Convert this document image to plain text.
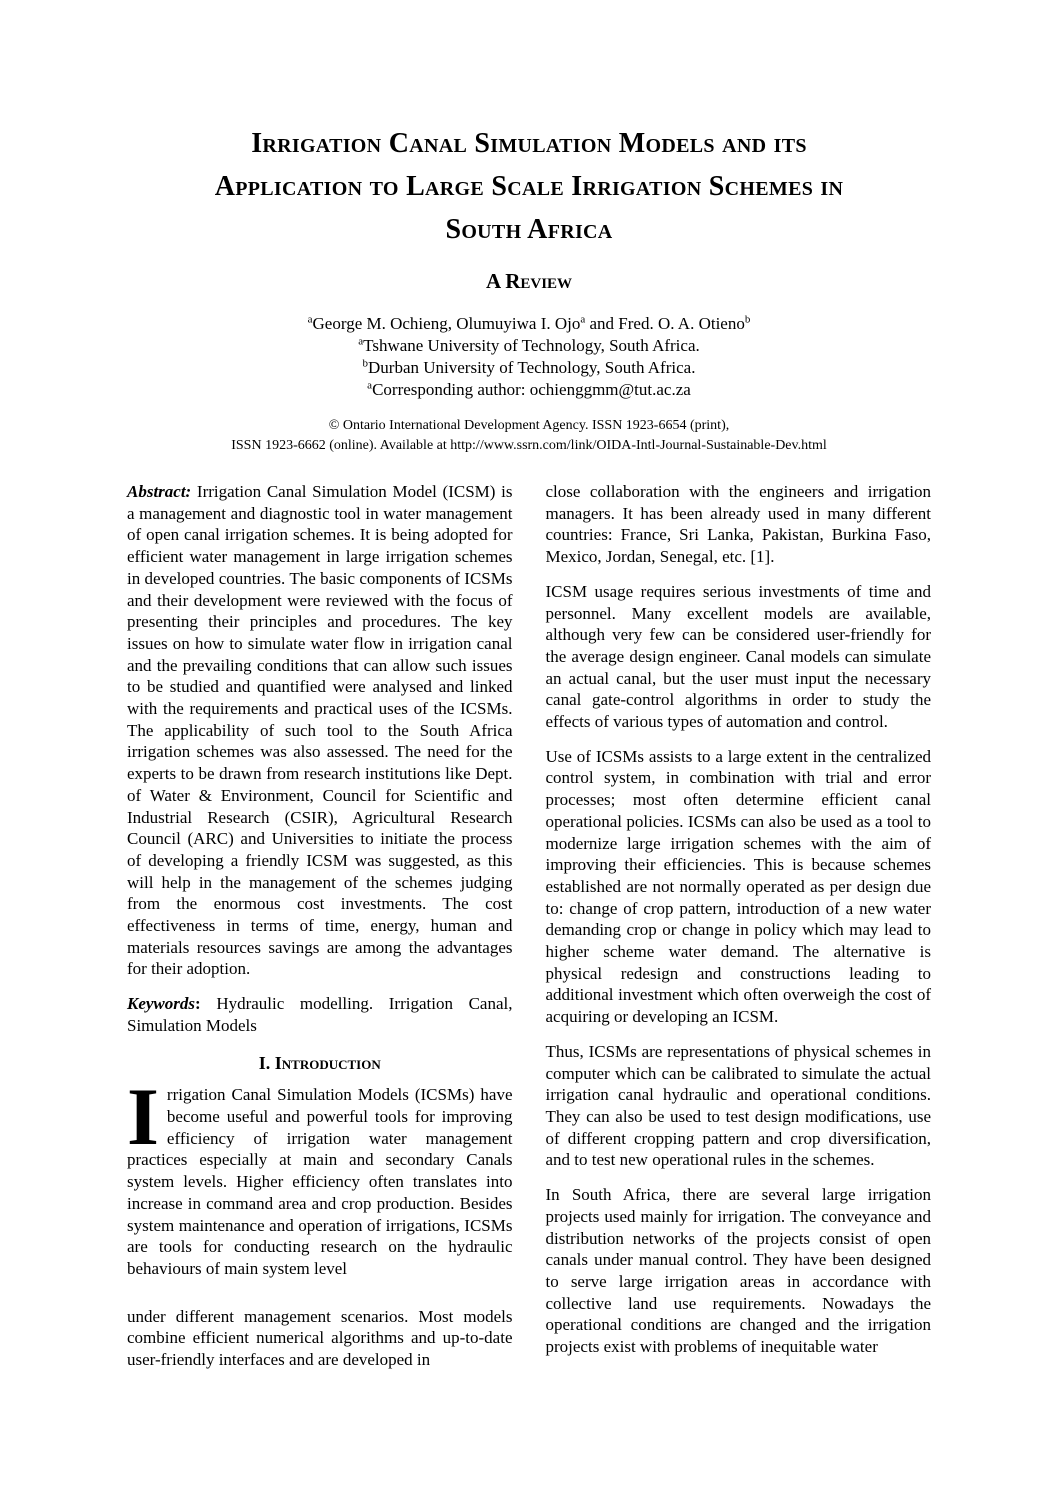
Irrigation Canal Simulation Models and its
Application to Large Scale Irrigation Schemes in
South Africa
A Review
$^a$George M. Ochieng, Olumuyiwa I. Ojo$^a$ and Fred. O. A. Otieno$^b$
$^a$Tshwane University of Technology, South Africa.
$^b$Durban University of Technology, South Africa.
$^a$Corresponding author: ochienggmm@tut.ac.za
© Ontario International Development Agency. ISSN 1923-6654 (print),
ISSN 1923-6662 (online). Available at http://www.ssrn.com/link/OIDA-Intl-Journal-Sustainable-Dev.html

Abstract: Irrigation Canal Simulation Model (ICSM) is a management and diagnostic tool in water management of open canal irrigation schemes. It is being adopted for efficient water management in large irrigation schemes in developed countries. The basic components of ICSMs and their development were reviewed with the focus of presenting their principles and procedures. The key issues on how to simulate water flow in irrigation canal and the prevailing conditions that can allow such issues to be studied and quantified were analysed and linked with the requirements and practical uses of the ICSMs. The applicability of such tool to the South Africa irrigation schemes was also assessed. The need for the experts to be drawn from research institutions like Dept. of Water & Environment, Council for Scientific and Industrial Research (CSIR), Agricultural Research Council (ARC) and Universities to initiate the process of developing a friendly ICSM was suggested, as this will help in the management of the schemes judging from the enormous cost investments. The cost effectiveness in terms of time, energy, human and materials resources savings are among the advantages for their adoption.

Keywords: Hydraulic modelling. Irrigation Canal, Simulation Models

I. Introduction

Irrigation Canal Simulation Models (ICSMs) have become useful and powerful tools for improving efficiency of irrigation water management practices especially at main and secondary Canals system levels. Higher efficiency often translates into increase in command area and crop production. Besides system maintenance and operation of irrigations, ICSMs are tools for conducting research on the hydraulic behaviours of main system level

under different management scenarios. Most models combine efficient numerical algorithms and up-to-date user-friendly interfaces and are developed in

close collaboration with the engineers and irrigation managers. It has been already used in many different countries: France, Sri Lanka, Pakistan, Burkina Faso, Mexico, Jordan, Senegal, etc. [1].

ICSM usage requires serious investments of time and personnel. Many excellent models are available, although very few can be considered user-friendly for the average design engineer. Canal models can simulate an actual canal, but the user must input the necessary canal gate-control algorithms in order to study the effects of various types of automation and control.

Use of ICSMs assists to a large extent in the centralized control system, in combination with trial and error processes; most often determine efficient canal operational policies. ICSMs can also be used as a tool to modernize large irrigation schemes with the aim of improving their efficiencies. This is because schemes established are not normally operated as per design due to: change of crop pattern, introduction of a new water demanding crop or change in policy which may lead to higher scheme water demand. The alternative is physical redesign and constructions leading to additional investment which often overweigh the cost of acquiring or developing an ICSM.

Thus, ICSMs are representations of physical schemes in computer which can be calibrated to simulate the actual irrigation canal hydraulic and operational conditions. They can also be used to test design modifications, use of different cropping pattern and crop diversification, and to test new operational rules in the schemes.

In South Africa, there are several large irrigation projects used mainly for irrigation. The conveyance and distribution networks of the projects consist of open canals under manual control. They have been designed to serve large irrigation areas in accordance with collective land use requirements. Nowadays the operational conditions are changed and the irrigation projects exist with problems of inequitable water
